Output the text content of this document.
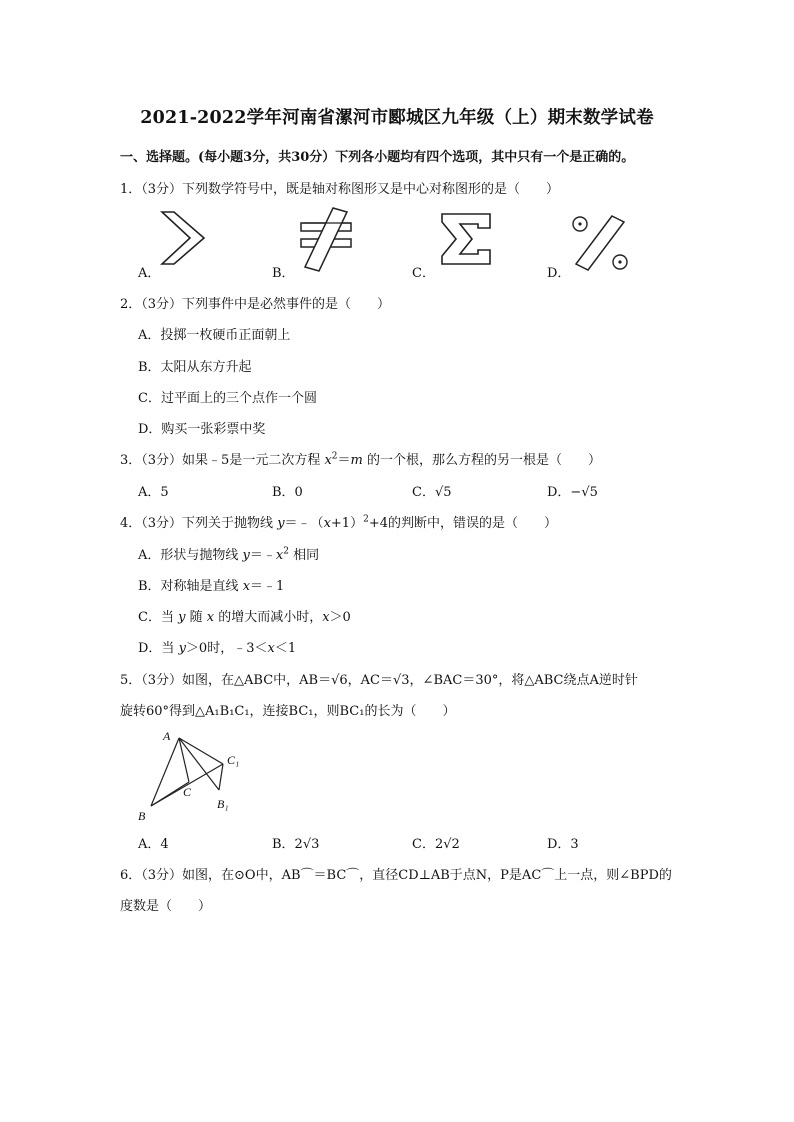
2021-2022学年河南省漯河市郾城区九年级（上）期末数学试卷
一、选择题。(每小题3分，共30分）下列各小题均有四个选项，其中只有一个是正确的。
1．（3分）下列数学符号中，既是轴对称图形又是中心对称图形的是（　　）
A．	B．	C．	D．
2．（3分）下列事件中是必然事件的是（　　）
A．投掷一枚硬币正面朝上
B．太阳从东方升起
C．过平面上的三个点作一个圆
D．购买一张彩票中奖
3．（3分）如果﹣5是一元二次方程 $x^2=m$ 的一个根，那么方程的另一根是（　　）
A．5	B．0	C．√5	D．−√5
4．（3分）下列关于抛物线 $y=﹣(x+1)^2+4$的判断中，错误的是（　　）
A．形状与抛物线 $y=﹣x^2$ 相同
B．对称轴是直线 x＝﹣1
C．当 y 随 x 的增大而减小时，x＞0
D．当 y＞0时，﹣3＜x＜1
5．（3分）如图，在△ABC中，AB＝√6，AC＝√3，∠BAC＝30°，将△ABC绕点A逆时针
旋转60°得到△A₁B₁C₁，连接BC₁，则BC₁的长为（　　）
A
C₁
C
B₁
B
A．4	B．2√3	C．2√2	D．3
6．（3分）如图，在⊙O中，AB⌒＝BC⌒，直径CD⊥AB于点N，P是AC⌒上一点，则∠BPD的
度数是（　　）
